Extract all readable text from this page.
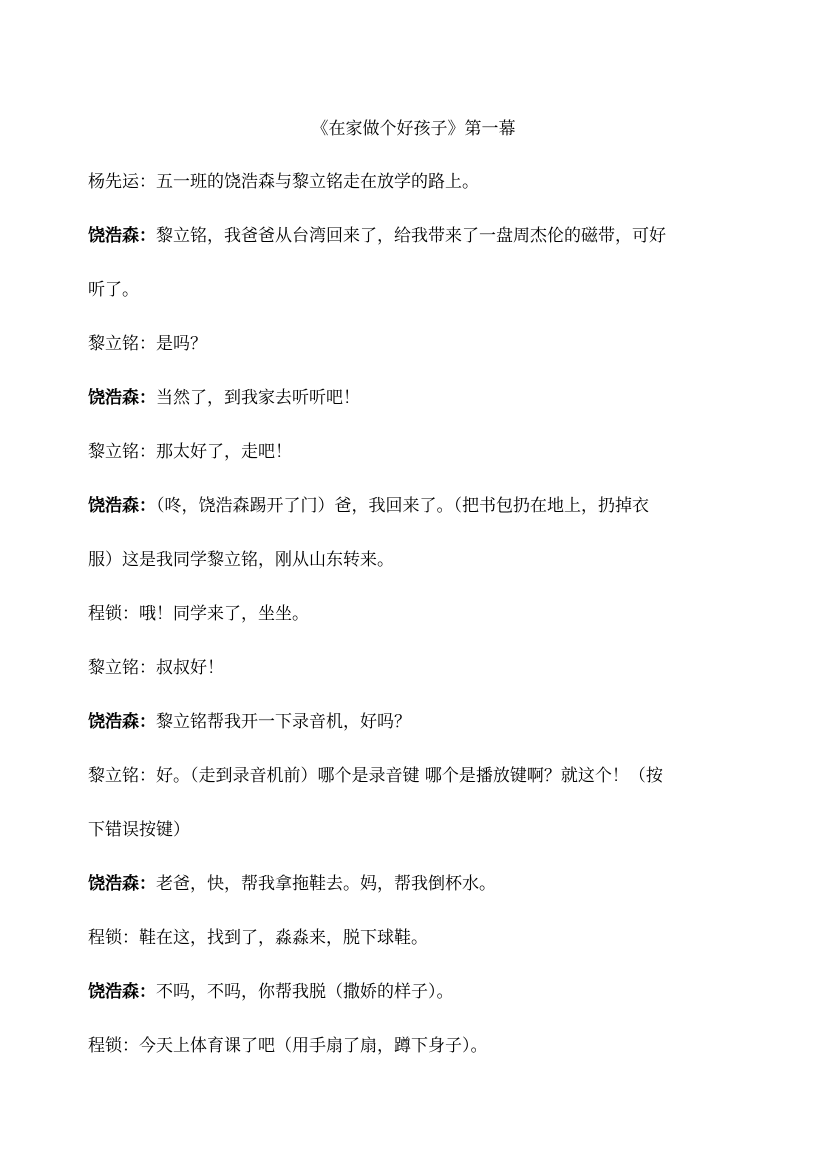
《在家做个好孩子》第一幕
杨先运：五一班的饶浩森与黎立铭走在放学的路上。
饶浩森：黎立铭，我爸爸从台湾回来了，给我带来了一盘周杰伦的磁带，可好
听了。
黎立铭：是吗？
饶浩森：当然了，到我家去听听吧！
黎立铭：那太好了，走吧！
饶浩森：（咚，饶浩森踢开了门）爸，我回来了。（把书包扔在地上，扔掉衣
服）这是我同学黎立铭，刚从山东转来。
程锁：哦！同学来了，坐坐。
黎立铭：叔叔好！
饶浩森：黎立铭帮我开一下录音机，好吗？
黎立铭：好。（走到录音机前）哪个是录音键 哪个是播放键啊？就这个！（按
下错误按键）
饶浩森：老爸，快，帮我拿拖鞋去。妈，帮我倒杯水。
程锁：鞋在这，找到了，淼淼来，脱下球鞋。
饶浩森：不吗，不吗，你帮我脱（撒娇的样子）。
程锁：今天上体育课了吧（用手扇了扇，蹲下身子）。
